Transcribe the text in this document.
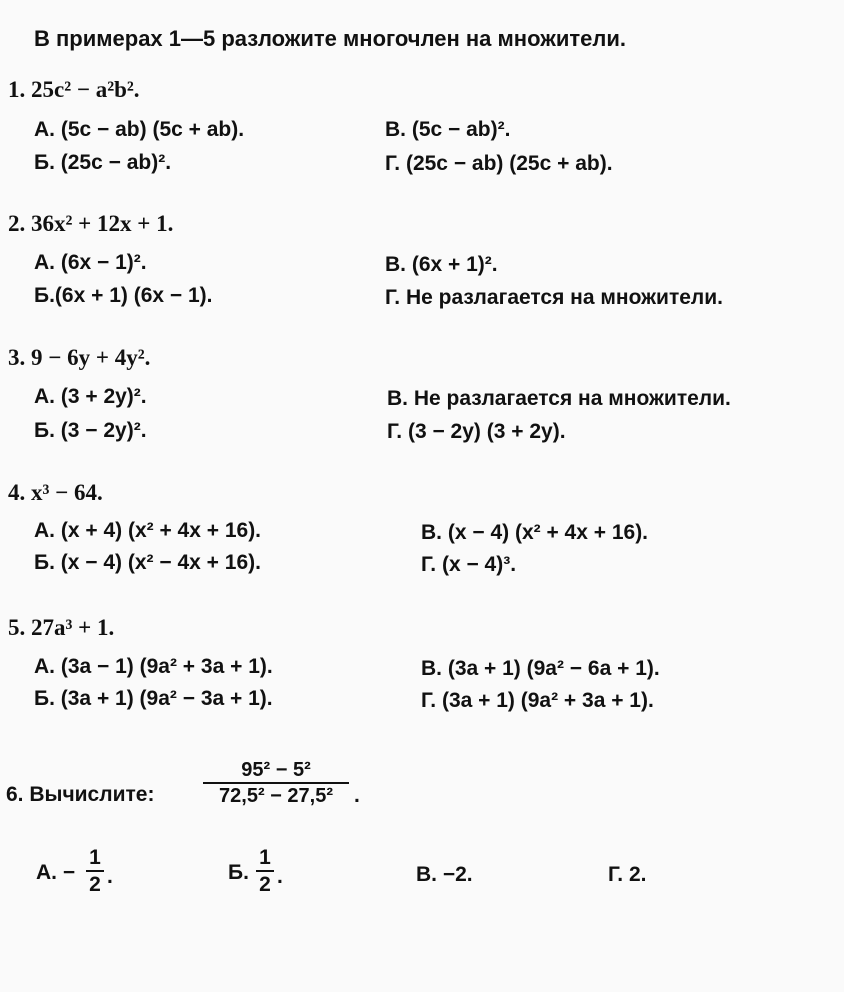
В примерах 1—5 разложите многочлен на множители.
1. 25c² − a²b².
А. (5c − ab) (5c + ab).	В. (5c − ab)².
Б. (25c − ab)².	Г. (25c − ab) (25c + ab).
2. 36x² + 12x + 1.
А. (6x − 1)².	В. (6x + 1)².
Б.(6x + 1) (6x − 1).	Г. Не разлагается на множители.
3. 9 − 6y + 4y².
А. (3 + 2y)².	В. Не разлагается на множители.
Б. (3 − 2y)².	Г. (3 − 2y) (3 + 2y).
4. x³ − 64.
А. (x + 4) (x² + 4x + 16).	В. (x − 4) (x² + 4x + 16).
Б. (x − 4) (x² − 4x + 16).	Г. (x − 4)³.
5. 27a³ + 1.
А. (3a − 1) (9a² + 3a + 1).	В. (3a + 1) (9a² − 6a + 1).
Б. (3a + 1) (9a² − 3a + 1).	Г. (3a + 1) (9a² + 3a + 1).
6. Вычислите:
95² − 5²
72,5² − 27,5² .
А. −
1
2 .	Б.
1
2 .	В. −2.	Г. 2.
